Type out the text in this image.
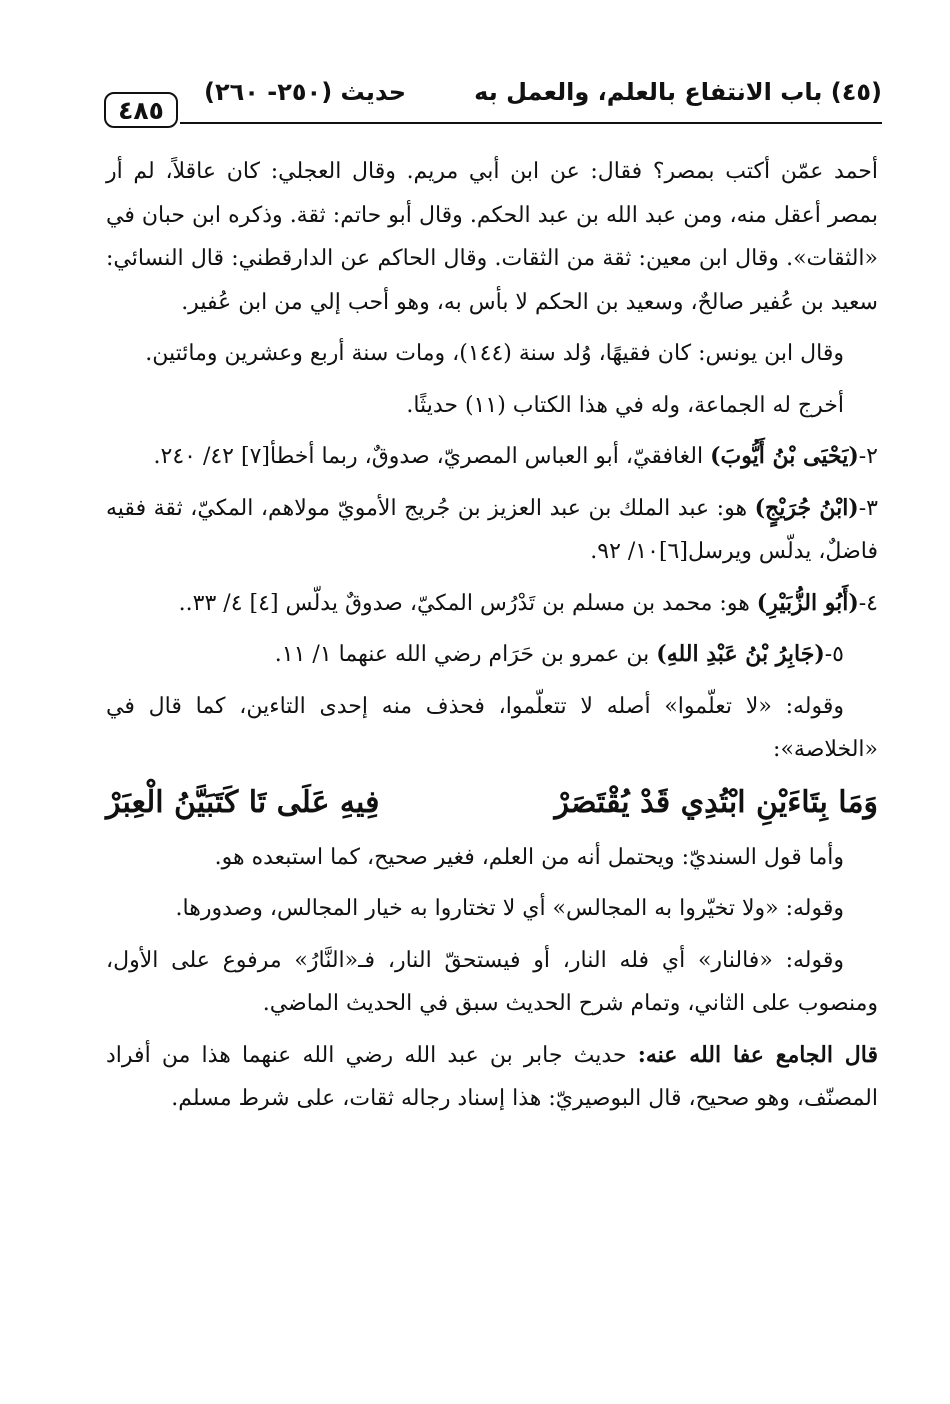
٤٨٥
حديث (٢٥٠- ٢٦٠)	(٤٥) باب الانتفاع بالعلم، والعمل به

أحمد عمّن أكتب بمصر؟ فقال: عن ابن أبي مريم. وقال العجلي: كان عاقلاً، لم أر بمصر أعقل منه، ومن عبد الله بن عبد الحكم. وقال أبو حاتم: ثقة. وذكره ابن حبان في «الثقات». وقال ابن معين: ثقة من الثقات. وقال الحاكم عن الدارقطني: قال النسائي: سعيد بن عُفير صالحٌ، وسعيد بن الحكم لا بأس به، وهو أحب إلي من ابن عُفير.

وقال ابن يونس: كان فقيهًا، وُلد سنة (١٤٤)، ومات سنة أربع وعشرين ومائتين.

أخرج له الجماعة، وله في هذا الكتاب (١١) حديثًا.

٢-(يَحْيَى بْنُ أَيُّوبَ) الغافقيّ، أبو العباس المصريّ، صدوقٌ، ربما أخطأ[٧] ٤٢/ ٢٤٠.

٣-(ابْنُ جُرَيْجٍ) هو: عبد الملك بن عبد العزيز بن جُريج الأمويّ مولاهم، المكيّ، ثقة فقيه فاضلٌ، يدلّس ويرسل[٦]١٠/ ٩٢.

٤-(أَبُو الزُّبَيْرِ) هو: محمد بن مسلم بن تَدْرُس المكيّ، صدوقٌ يدلّس [٤] ٤/ ٣٣..

٥-(جَابِرُ بْنُ عَبْدِ اللهِ) بن عمرو بن حَرَام رضي الله عنهما ١/ ١١.

وقوله: «لا تعلّموا» أصله لا تتعلّموا، فحذف منه إحدى التاءين، كما قال في «الخلاصة»:

وَمَا بِتَاءَيْنِ ابْتُدِي قَدْ يُقْتَصَرْ
فِيهِ عَلَى تَا كَتَبَيَّنُ الْعِبَرْ

وأما قول السنديّ: ويحتمل أنه من العلم، فغير صحيح، كما استبعده هو.

وقوله: «ولا تخيّروا به المجالس» أي لا تختاروا به خيار المجالس، وصدورها.

وقوله: «فالنار» أي فله النار، أو فيستحقّ النار، فـ«النَّارُ» مرفوع على الأول، ومنصوب على الثاني، وتمام شرح الحديث سبق في الحديث الماضي.

قال الجامع عفا الله عنه: حديث جابر بن عبد الله رضي الله عنهما هذا من أفراد المصنّف، وهو صحيح، قال البوصيريّ: هذا إسناد رجاله ثقات، على شرط مسلم.
